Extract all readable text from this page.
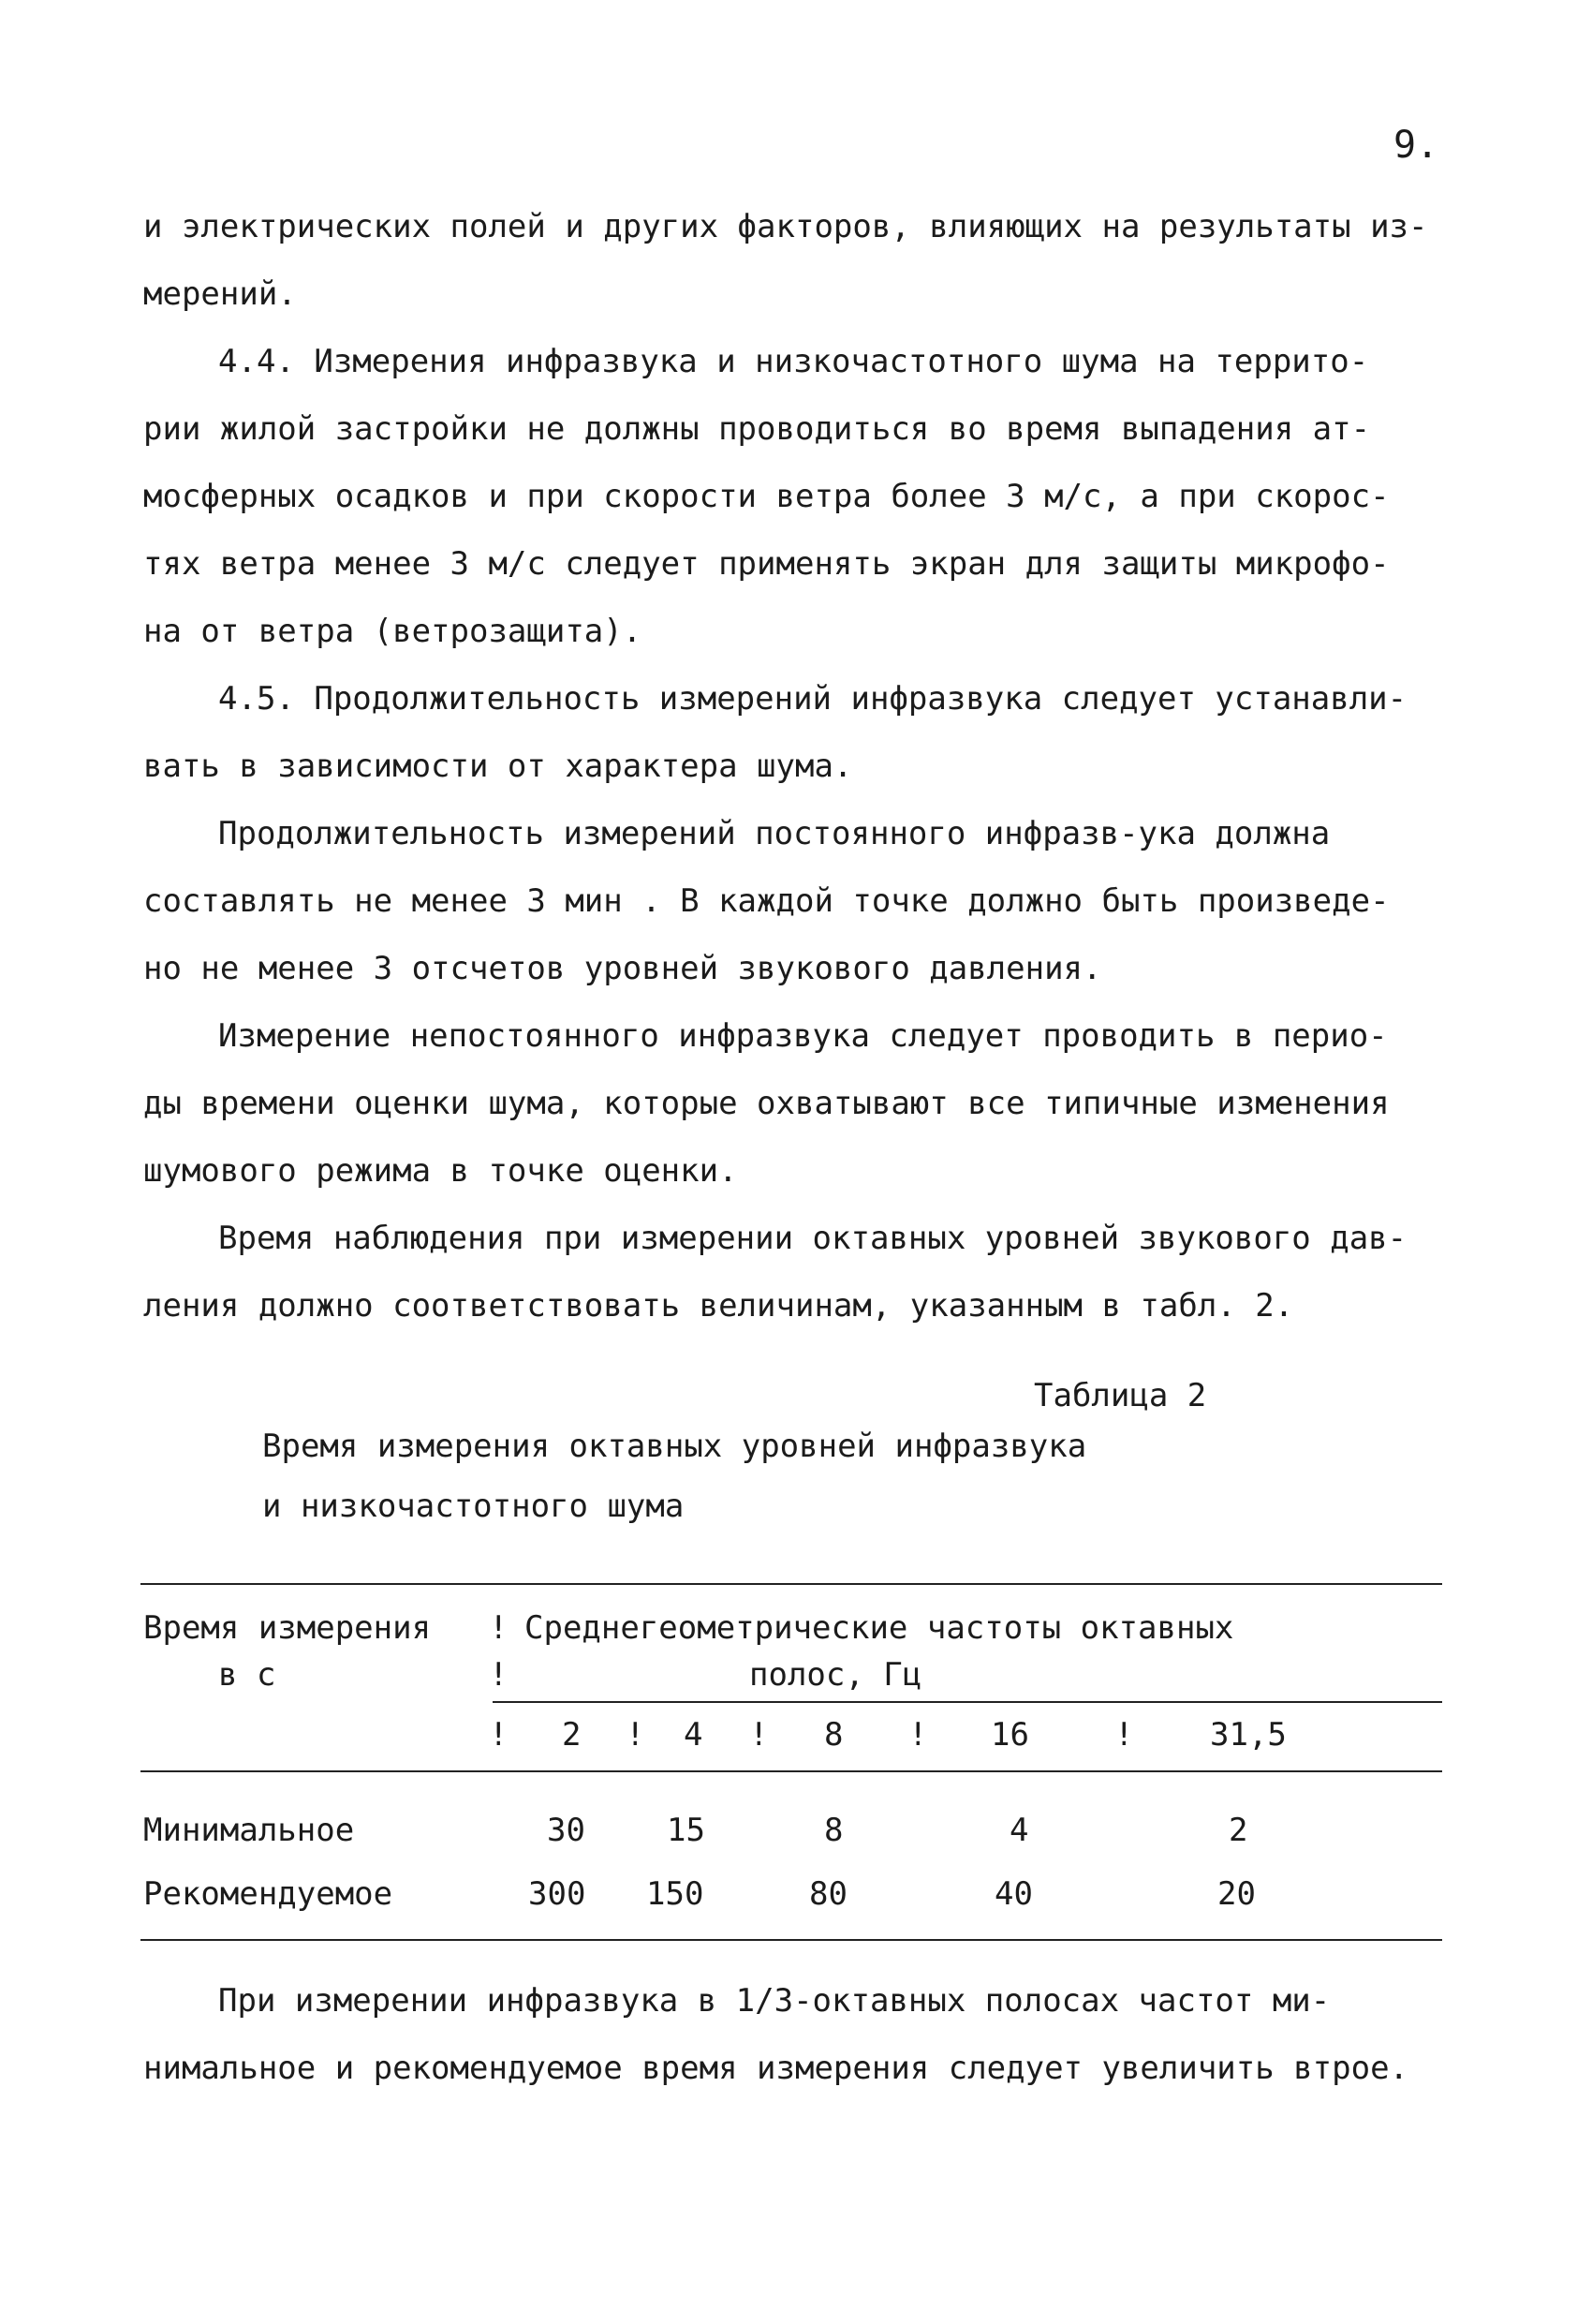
9.
и электрических полей и других факторов, влияющих на результаты из-
мерений.
4.4. Измерения инфразвука и низкочастотного шума на террито-
рии жилой застройки не должны проводиться во время выпадения ат-
мосферных осадков и при скорости ветра более 3 м/с, а при скорос-
тях ветра менее 3 м/с следует применять экран для защиты микрофо-
на от ветра (ветрозащита).
4.5. Продолжительность измерений инфразвука следует устанавли-
вать в зависимости от характера шума.
Продолжительность измерений постоянного инфразв-ука должна
составлять не менее 3 мин . В каждой точке должно быть произведе-
но не менее 3 отсчетов уровней звукового давления.
Измерение непостоянного инфразвука следует проводить в перио-
ды времени оценки шума, которые охватывают все типичные изменения
шумового режима в точке оценки.
Время наблюдения при измерении октавных уровней звукового дав-
ления должно соответствовать величинам, указанным в табл. 2.
Таблица 2
Время измерения октавных уровней инфразвука
и низкочастотного шума
Время измерения
в с
!
!
Среднегеометрические частоты октавных
полос, Гц
! 2 ! 4 ! 8 ! 16	! 31,5
Минимальное	30	15	8	4	2
Рекомендуемое	300 150	80	40	20
При измерении инфразвука в 1/3-октавных полосах частот ми-
нимальное и рекомендуемое время измерения следует увеличить втрое.
